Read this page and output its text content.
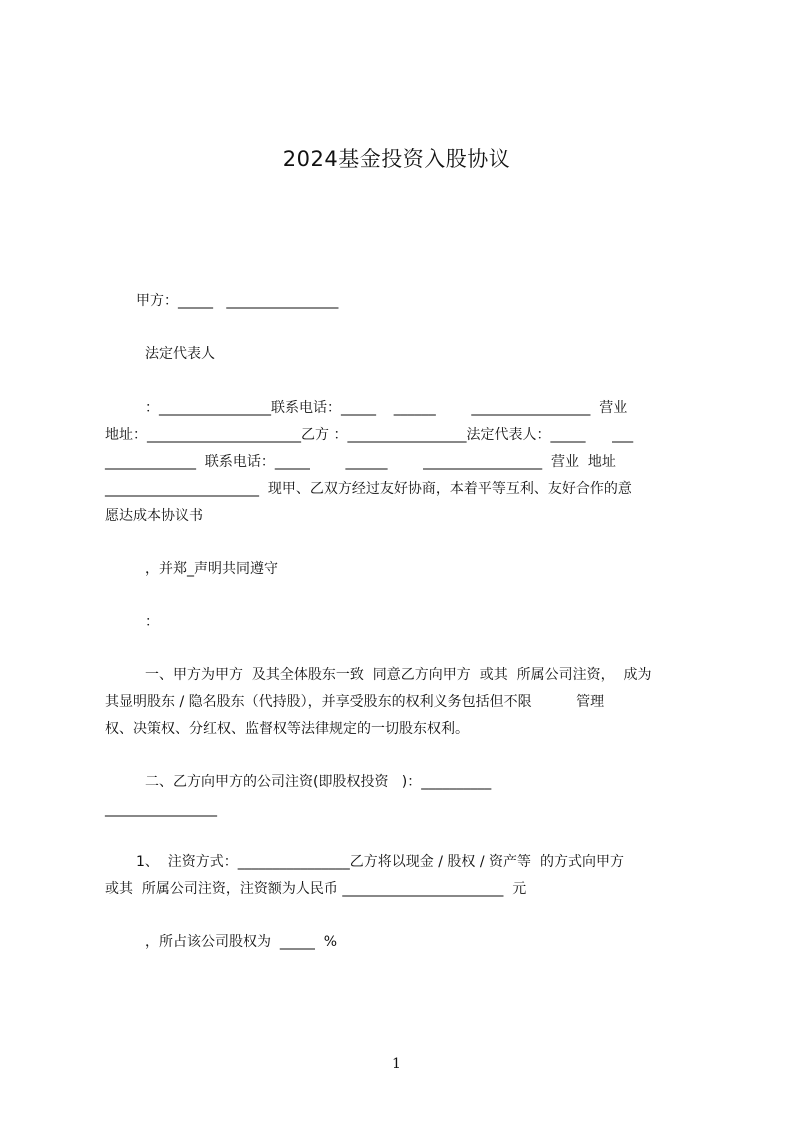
2024基金投资入股协议
甲方：_____   ________________
法定代表人
：________________联系电话：_____    ______        _________________  营业
地址：______________________乙方 ：_________________法定代表人：_____      ___
_____________  联系电话：_____        ______        _________________  营业  地址
______________________  现甲、乙双方经过友好协商，本着平等互利、友好合作的意
愿达成本协议书
，并郑_声明共同遵守
：
一、甲方为甲方  及其全体股东一致  同意乙方向甲方  或其  所属公司注资，  成为
其显明股东 / 隐名股东（代持股），并享受股东的权利义务包括但不限          管理
权、决策权、分红权、监督权等法律规定的一切股东权利。
二、乙方向甲方的公司注资(即股权投资   )：__________
________________
1、  注资方式：________________乙方将以现金 / 股权 / 资产等  的方式向甲方
或其  所属公司注资，注资额为人民币 _______________________  元
，所占该公司股权为  _____  %
1
